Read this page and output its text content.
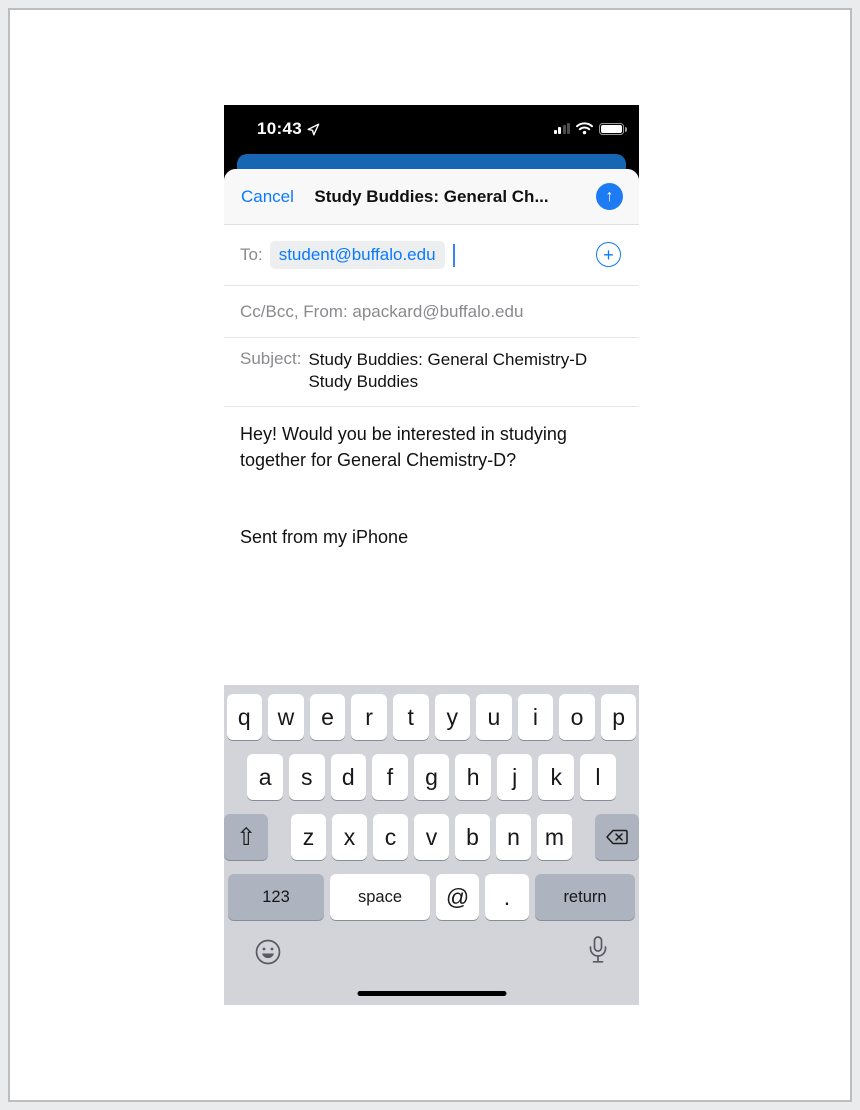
10:43
Cancel	Study Buddies: General Ch...	↑
To: student@buffalo.edu	+
Cc/Bcc, From: apackard@buffalo.edu
Subject: Study Buddies: General Chemistry-D Study Buddies
Hey! Would you be interested in studying together for General Chemistry-D?
Sent from my iPhone
q	w	e	r	t	y	u	i	o	p
a	s	d	f	g	h	j	k	l
⇧	z	x	c	v	b	n	m
123	space	@	.	return
